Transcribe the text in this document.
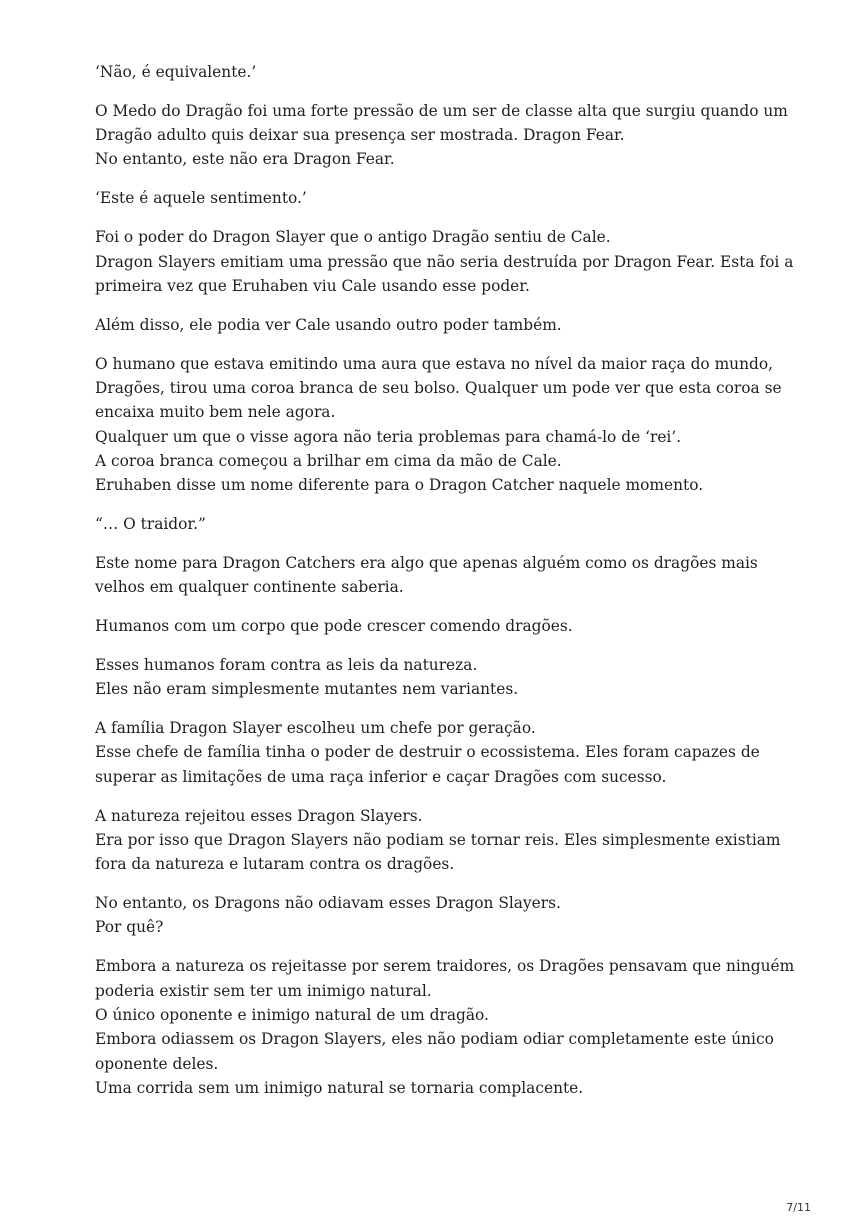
‘Não, é equivalente.’

O Medo do Dragão foi uma forte pressão de um ser de classe alta que surgiu quando um
Dragão adulto quis deixar sua presença ser mostrada. Dragon Fear.
No entanto, este não era Dragon Fear.

‘Este é aquele sentimento.’

Foi o poder do Dragon Slayer que o antigo Dragão sentiu de Cale.
Dragon Slayers emitiam uma pressão que não seria destruída por Dragon Fear. Esta foi a
primeira vez que Eruhaben viu Cale usando esse poder.

Além disso, ele podia ver Cale usando outro poder também.

O humano que estava emitindo uma aura que estava no nível da maior raça do mundo,
Dragões, tirou uma coroa branca de seu bolso. Qualquer um pode ver que esta coroa se
encaixa muito bem nele agora.
Qualquer um que o visse agora não teria problemas para chamá-lo de ‘rei’.
A coroa branca começou a brilhar em cima da mão de Cale.
Eruhaben disse um nome diferente para o Dragon Catcher naquele momento.

“… O traidor.”

Este nome para Dragon Catchers era algo que apenas alguém como os dragões mais
velhos em qualquer continente saberia.

Humanos com um corpo que pode crescer comendo dragões.

Esses humanos foram contra as leis da natureza.
Eles não eram simplesmente mutantes nem variantes.

A família Dragon Slayer escolheu um chefe por geração.
Esse chefe de família tinha o poder de destruir o ecossistema. Eles foram capazes de
superar as limitações de uma raça inferior e caçar Dragões com sucesso.

A natureza rejeitou esses Dragon Slayers.
Era por isso que Dragon Slayers não podiam se tornar reis. Eles simplesmente existiam
fora da natureza e lutaram contra os dragões.

No entanto, os Dragons não odiavam esses Dragon Slayers.
Por quê?

Embora a natureza os rejeitasse por serem traidores, os Dragões pensavam que ninguém
poderia existir sem ter um inimigo natural.
O único oponente e inimigo natural de um dragão.
Embora odiassem os Dragon Slayers, eles não podiam odiar completamente este único
oponente deles.
Uma corrida sem um inimigo natural se tornaria complacente.

7/11
